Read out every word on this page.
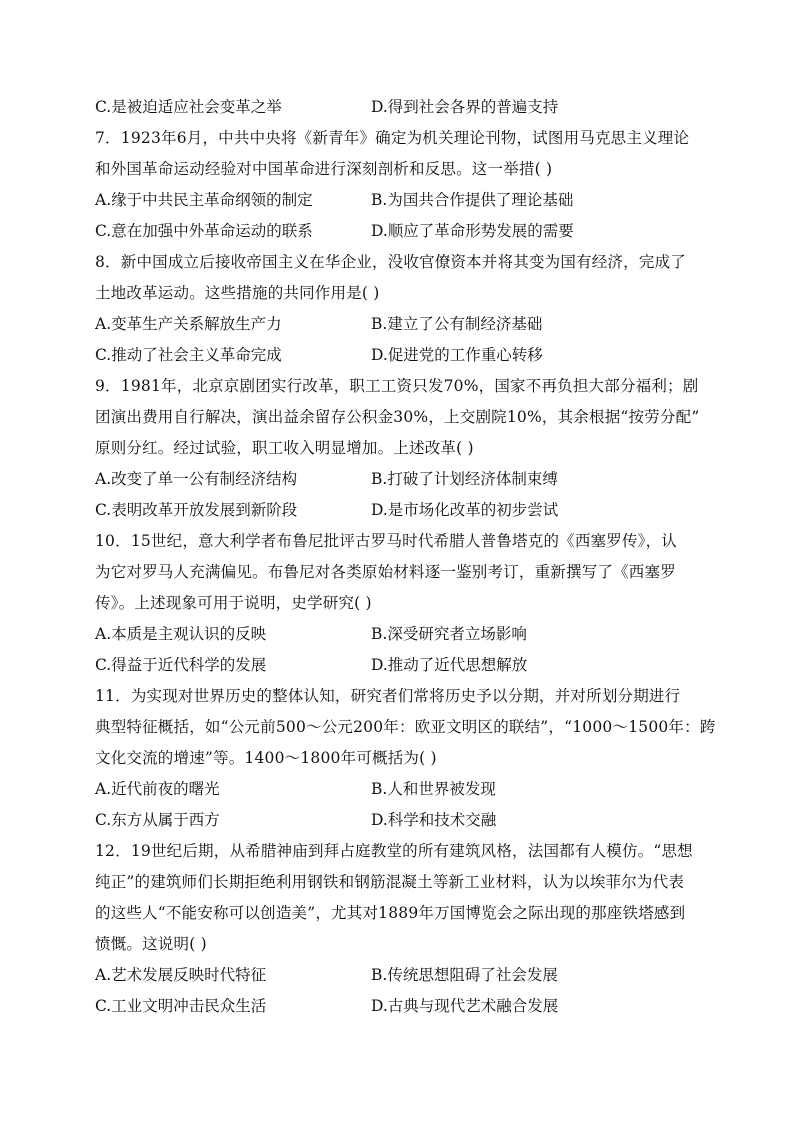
C.是被迫适应社会变革之举	D.得到社会各界的普遍支持
7．1923年6月，中共中央将《新青年》确定为机关理论刊物，试图用马克思主义理论
和外国革命运动经验对中国革命进行深刻剖析和反思。这一举措( )
A.缘于中共民主革命纲领的制定	B.为国共合作提供了理论基础
C.意在加强中外革命运动的联系	D.顺应了革命形势发展的需要
8．新中国成立后接收帝国主义在华企业，没收官僚资本并将其变为国有经济，完成了
土地改革运动。这些措施的共同作用是( )
A.变革生产关系解放生产力	B.建立了公有制经济基础
C.推动了社会主义革命完成	D.促进党的工作重心转移
9．1981年，北京京剧团实行改革，职工工资只发70%，国家不再负担大部分福利；剧
团演出费用自行解决，演出益余留存公积金30%，上交剧院10%，其余根据“按劳分配”
原则分红。经过试验，职工收入明显增加。上述改革( )
A.改变了单一公有制经济结构	B.打破了计划经济体制束缚
C.表明改革开放发展到新阶段	D.是市场化改革的初步尝试
10．15世纪，意大利学者布鲁尼批评古罗马时代希腊人普鲁塔克的《西塞罗传》，认
为它对罗马人充满偏见。布鲁尼对各类原始材料逐一鉴别考订，重新撰写了《西塞罗
传》。上述现象可用于说明，史学研究( )
A.本质是主观认识的反映	B.深受研究者立场影响
C.得益于近代科学的发展	D.推动了近代思想解放
11．为实现对世界历史的整体认知，研究者们常将历史予以分期，并对所划分期进行
典型特征概括，如“公元前500～公元200年：欧亚文明区的联结”，“1000～1500年：跨
文化交流的增速”等。1400～1800年可概括为( )
A.近代前夜的曙光	B.人和世界被发现
C.东方从属于西方	D.科学和技术交融
12．19世纪后期，从希腊神庙到拜占庭教堂的所有建筑风格，法国都有人模仿。“思想
纯正”的建筑师们长期拒绝利用钢铁和钢筋混凝土等新工业材料，认为以埃菲尔为代表
的这些人“不能安称可以创造美”，尤其对1889年万国博览会之际出现的那座铁塔感到
愤慨。这说明( )
A.艺术发展反映时代特征	B.传统思想阻碍了社会发展
C.工业文明冲击民众生活	D.古典与现代艺术融合发展
